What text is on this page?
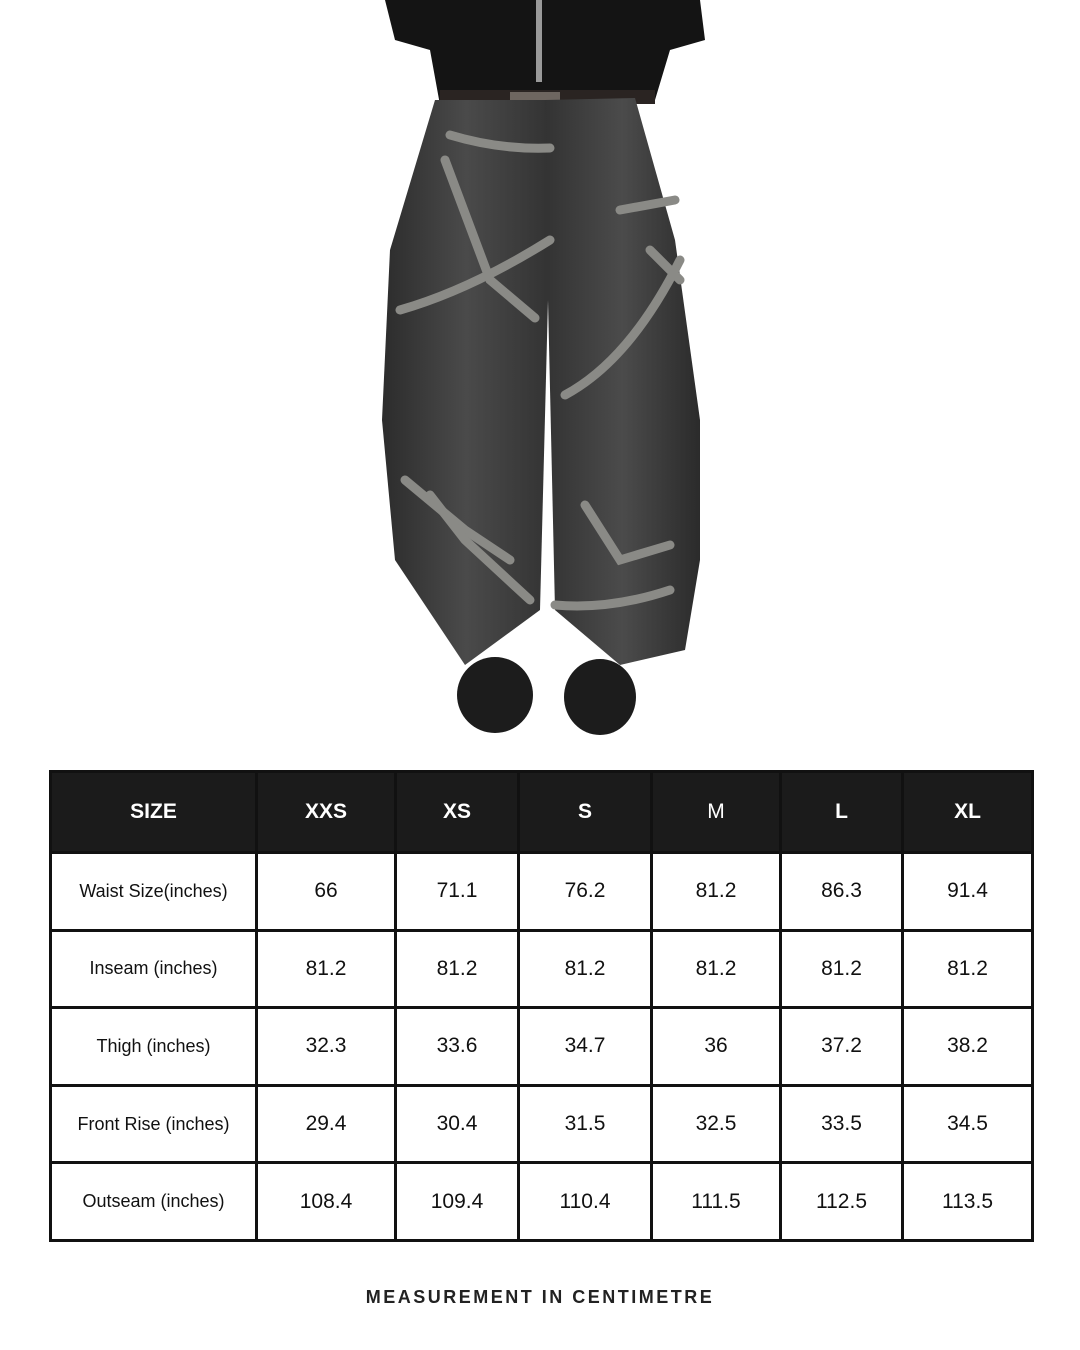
SIZE	XXS	XS	S	M	L	XL
Waist Size(inches)	66	71.1	76.2	81.2	86.3	91.4
Inseam (inches)	81.2	81.2	81.2	81.2	81.2	81.2
Thigh (inches)	32.3	33.6	34.7	36	37.2	38.2
Front Rise (inches)	29.4	30.4	31.5	32.5	33.5	34.5
Outseam (inches)	108.4	109.4	110.4	111.5	112.5	113.5
MEASUREMENT IN CENTIMETRE
